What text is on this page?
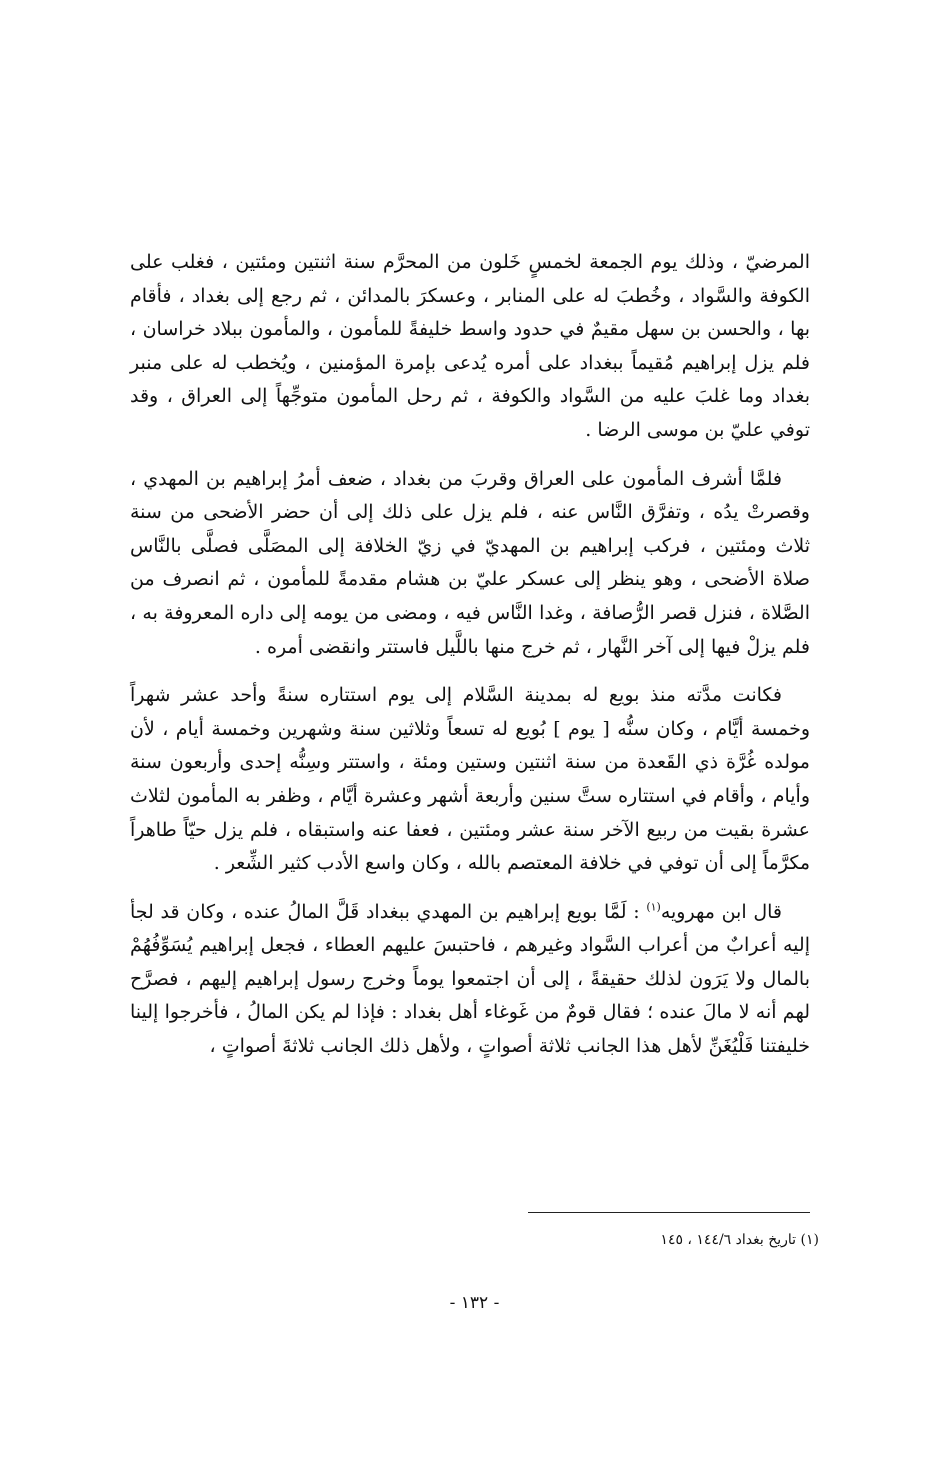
المرضيّ ، وذلك يوم الجمعة لخمسٍ خَلون من المحرَّم سنة اثنتين ومئتين ، فغلب على الكوفة والسَّواد ، وخُطبَ له على المنابر ، وعسكرَ بالمدائن ، ثم رجع إلى بغداد ، فأقام بها ، والحسن بن سهل مقيمٌ في حدود واسط خليفةً للمأمون ، والمأمون ببلاد خراسان ، فلم يزل إبراهيم مُقيماً ببغداد على أمره يُدعى بإمرة المؤمنين ، ويُخطب له على منبر بغداد وما غلبَ عليه من السَّواد والكوفة ، ثم رحل المأمون متوجِّهاً إلى العراق ، وقد توفي عليّ بن موسى الرضا .

فلمَّا أشرف المأمون على العراق وقربَ من بغداد ، ضعف أمرُ إبراهيم بن المهدي ، وقصرتْ يدُه ، وتفرَّق النَّاس عنه ، فلم يزل على ذلك إلى أن حضر الأضحى من سنة ثلاث ومئتين ، فركب إبراهيم بن المهديّ في زيّ الخلافة إلى المصَلَّى فصلَّى بالنَّاس صلاة الأضحى ، وهو ينظر إلى عسكر عليّ بن هشام مقدمةً للمأمون ، ثم انصرف من الصَّلاة ، فنزل قصر الرُّصافة ، وغدا النَّاس فيه ، ومضى من يومه إلى داره المعروفة به ، فلم يزلْ فيها إلى آخر النَّهار ، ثم خرج منها باللَّيل فاستتر وانقضى أمره .

فكانت مدَّته منذ بويع له بمدينة السَّلام إلى يوم استتاره سنةً وأحد عشر شهراً وخمسة أيَّام ، وكان سنُّه [ يوم ] بُويع له تسعاً وثلاثين سنة وشهرين وخمسة أيام ، لأن مولده غُرَّة ذي القَعدة من سنة اثنتين وستين ومئة ، واستتر وسِنُّه إحدى وأربعون سنة وأيام ، وأقام في استتاره ستَّ سنين وأربعة أشهر وعشرة أيَّام ، وظفر به المأمون لثلاث عشرة بقيت من ربيع الآخر سنة عشر ومئتين ، فعفا عنه واستبقاه ، فلم يزل حيّاً طاهراً مكرَّماً إلى أن توفي في خلافة المعتصم بالله ، وكان واسع الأدب كثير الشِّعر .

قال ابن مهرويه$^{(١)}$ : لَمَّا بويع إبراهيم بن المهدي ببغداد قَلَّ المالُ عنده ، وكان قد لجأ إليه أعرابٌ من أعراب السَّواد وغيرهم ، فاحتبسَ عليهم العطاء ، فجعل إبراهيم يُسَوِّفُهُمْ بالمال ولا يَرَون لذلك حقيقةً ، إلى أن اجتمعوا يوماً وخرج رسول إبراهيم إليهم ، فصرَّح لهم أنه لا مالَ عنده ؛ فقال قومٌ من غَوغاء أهل بغداد : فإذا لم يكن المالُ ، فأخرجوا إلينا خليفتنا فَلْيُغَنِّ لأهل هذا الجانب ثلاثة أصواتٍ ، ولأهل ذلك الجانب ثلاثةَ أصواتٍ ،

(١) تاريخ بغداد ١٤٤/٦ ، ١٤٥
- ١٣٢ -
